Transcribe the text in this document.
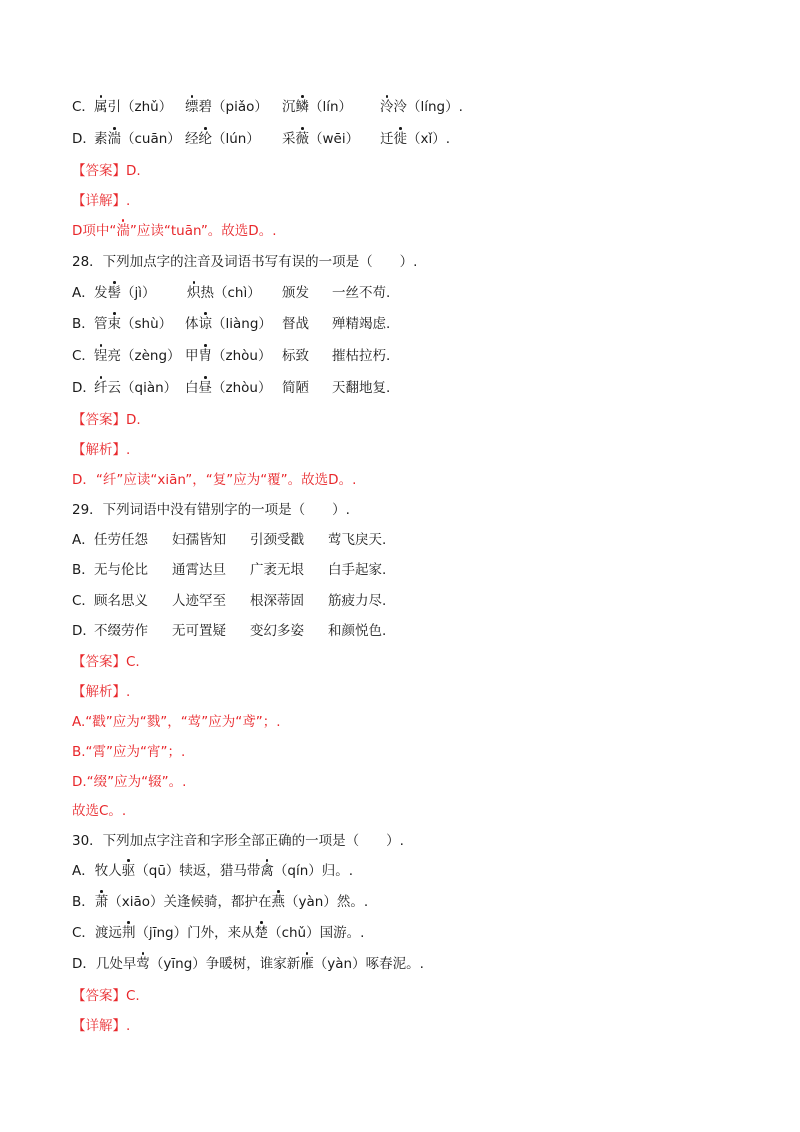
C． 属引（zhǔ） 缥碧（piǎo） 沉鳞（lín） 泠泠（líng）.
D．
素湍（cuān） 经纶（lún） 采薇（wēi） 迁徙（xǐ）.
【答案】D.
【详解】.
D项中“湍”应读“tuān”。故选D。.
28．下列加点字的注音及词语书写有误的一项是（　　）.
A． 发髻（jì） 炽热（chì） 颁发 一丝不苟.
B． 管束（shù） 体谅（liàng） 督战 殚精竭虑.
C． 锃亮（zèng） 甲胄（zhòu） 标致 摧枯拉朽.
D．
纤云（qiàn） 白昼（zhòu） 简陋 天翻地复.
【答案】D.
【解析】.
D．“纤”应读“xiān”，“复”应为“覆”。故选D。.
29．下列词语中没有错别字的一项是（　　）.
A． 任劳任怨 妇孺皆知 引颈受戳 莺飞戾天.
B． 无与伦比 通霄达旦 广袤无垠 白手起家.
C． 顾名思义 人迹罕至 根深蒂固 筋疲力尽.
D．
不缀劳作 无可置疑 变幻多姿 和颜悦色.
【答案】C.
【解析】.
A.“戳”应为“戮”，“莺”应为“鸢”；.
B.“霄”应为“宵”；.
D.“缀”应为“辍”。.
故选C。.
30．下列加点字注音和字形全部正确的一项是（　　）.
A．牧人驱（qū）犊返，猎马带禽（qín）归。.
B．萧（xiāo）关逢候骑，都护在燕（yàn）然。.
C．渡远荆（jīng）门外，来从楚（chǔ）国游。.
D．几处早莺（yīng）争暖树，谁家新雁（yàn）啄春泥。.
【答案】C.
【详解】.
